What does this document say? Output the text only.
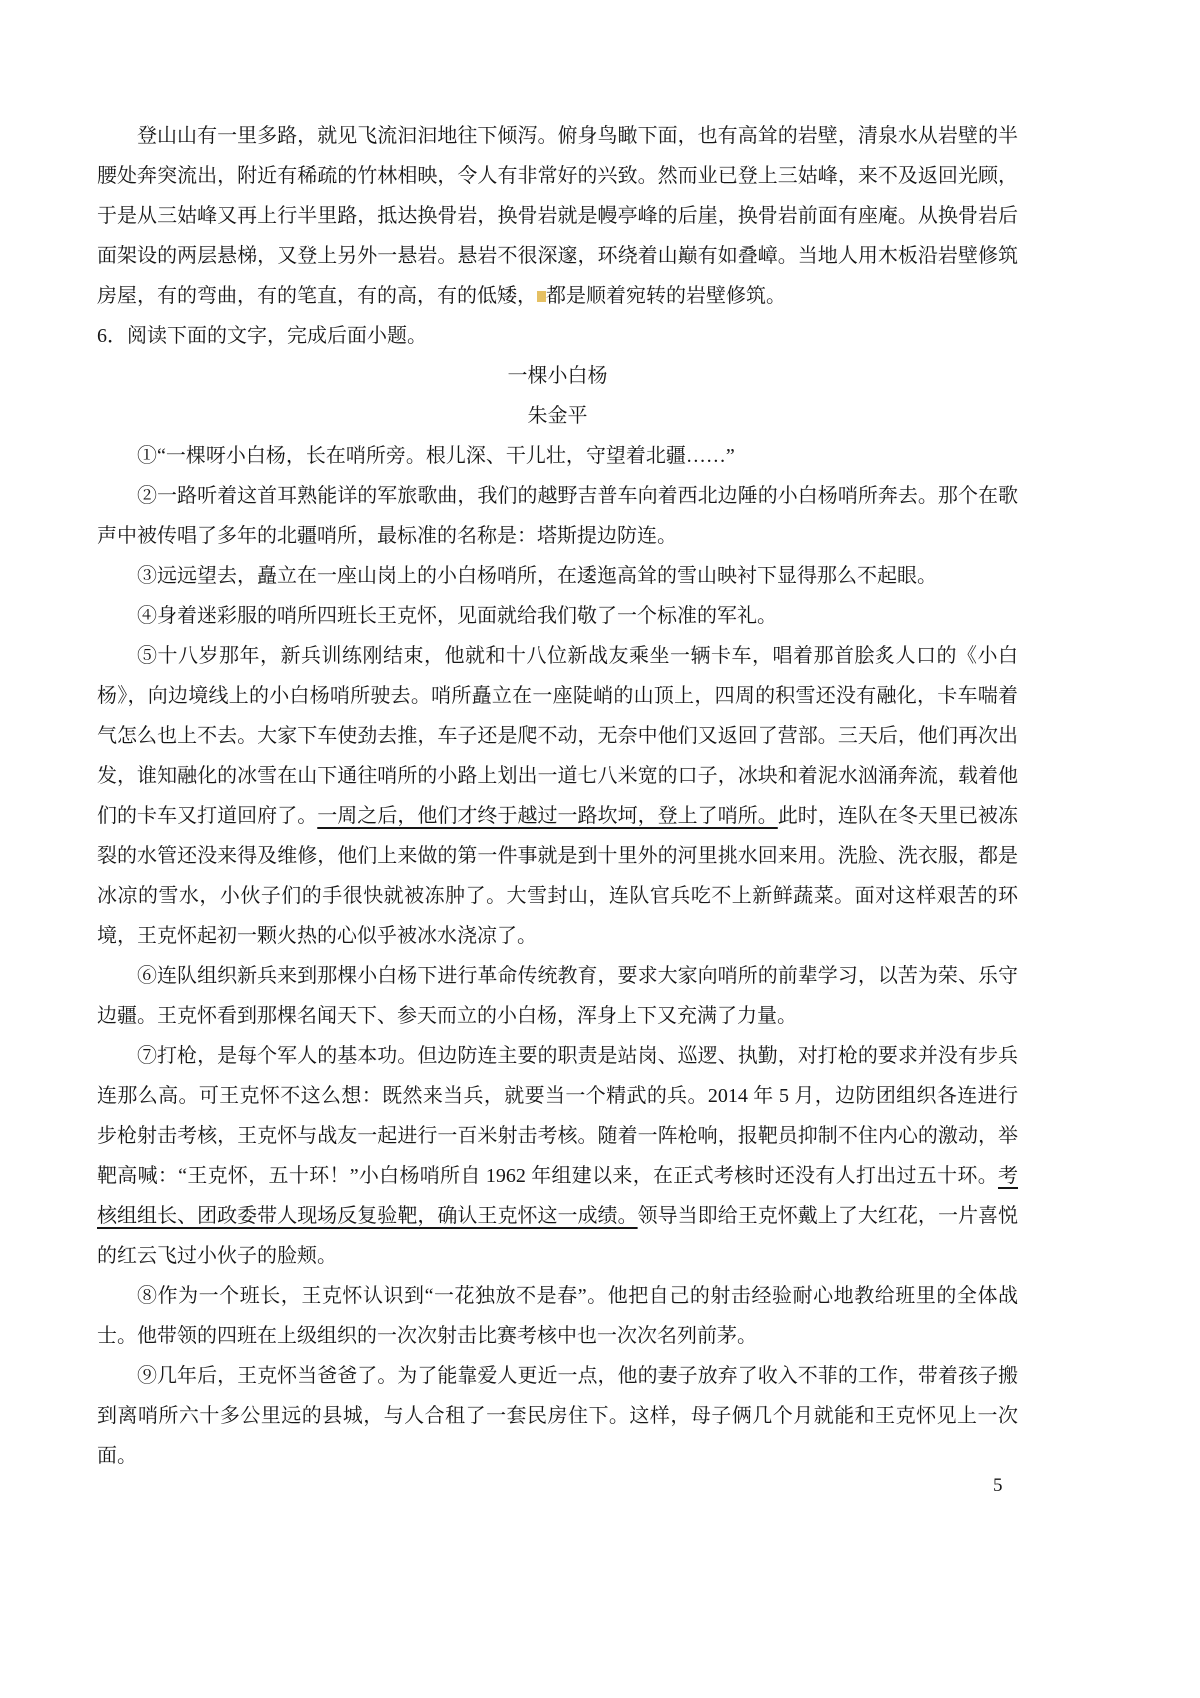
登山山有一里多路，就见飞流汩汩地往下倾泻。俯身鸟瞰下面，也有高耸的岩壁，清泉水从岩壁的半腰处奔突流出，附近有稀疏的竹林相映，令人有非常好的兴致。然而业已登上三姑峰，来不及返回光顾，于是从三姑峰又再上行半里路，抵达换骨岩，换骨岩就是幔亭峰的后崖，换骨岩前面有座庵。从换骨岩后面架设的两层悬梯，又登上另外一悬岩。悬岩不很深邃，环绕着山巅有如叠嶂。当地人用木板沿岩壁修筑房屋，有的弯曲，有的笔直，有的高，有的低矮， 都是顺着宛转的岩壁修筑。

6．阅读下面的文字，完成后面小题。

一棵小白杨
朱金平

①“一棵呀小白杨，长在哨所旁。根儿深、干儿壮，守望着北疆……”

②一路听着这首耳熟能详的军旅歌曲，我们的越野吉普车向着西北边陲的小白杨哨所奔去。那个在歌声中被传唱了多年的北疆哨所，最标准的名称是：塔斯提边防连。

③远远望去，矗立在一座山岗上的小白杨哨所，在逶迤高耸的雪山映衬下显得那么不起眼。

④身着迷彩服的哨所四班长王克怀，见面就给我们敬了一个标准的军礼。

⑤十八岁那年，新兵训练刚结束，他就和十八位新战友乘坐一辆卡车，唱着那首脍炙人口的《小白杨》，向边境线上的小白杨哨所驶去。哨所矗立在一座陡峭的山顶上，四周的积雪还没有融化，卡车喘着气怎么也上不去。大家下车使劲去推，车子还是爬不动，无奈中他们又返回了营部。三天后，他们再次出发，谁知融化的冰雪在山下通往哨所的小路上划出一道七八米宽的口子，冰块和着泥水汹涌奔流，载着他们的卡车又打道回府了。一周之后，他们才终于越过一路坎坷，登上了哨所。此时，连队在冬天里已被冻裂的水管还没来得及维修，他们上来做的第一件事就是到十里外的河里挑水回来用。洗脸、洗衣服，都是冰凉的雪水，小伙子们的手很快就被冻肿了。大雪封山，连队官兵吃不上新鲜蔬菜。面对这样艰苦的环境，王克怀起初一颗火热的心似乎被冰水浇凉了。

⑥连队组织新兵来到那棵小白杨下进行革命传统教育，要求大家向哨所的前辈学习，以苦为荣、乐守边疆。王克怀看到那棵名闻天下、参天而立的小白杨，浑身上下又充满了力量。

⑦打枪，是每个军人的基本功。但边防连主要的职责是站岗、巡逻、执勤，对打枪的要求并没有步兵连那么高。可王克怀不这么想：既然来当兵，就要当一个精武的兵。2014 年 5 月，边防团组织各连进行步枪射击考核，王克怀与战友一起进行一百米射击考核。随着一阵枪响，报靶员抑制不住内心的激动，举靶高喊：“王克怀，五十环！”小白杨哨所自 1962 年组建以来，在正式考核时还没有人打出过五十环。考核组组长、团政委带人现场反复验靶，确认王克怀这一成绩。领导当即给王克怀戴上了大红花，一片喜悦的红云飞过小伙子的脸颊。

⑧作为一个班长，王克怀认识到“一花独放不是春”。他把自己的射击经验耐心地教给班里的全体战士。他带领的四班在上级组织的一次次射击比赛考核中也一次次名列前茅。

⑨几年后，王克怀当爸爸了。为了能靠爱人更近一点，他的妻子放弃了收入不菲的工作，带着孩子搬到离哨所六十多公里远的县城，与人合租了一套民房住下。这样，母子俩几个月就能和王克怀见上一次面。

5
